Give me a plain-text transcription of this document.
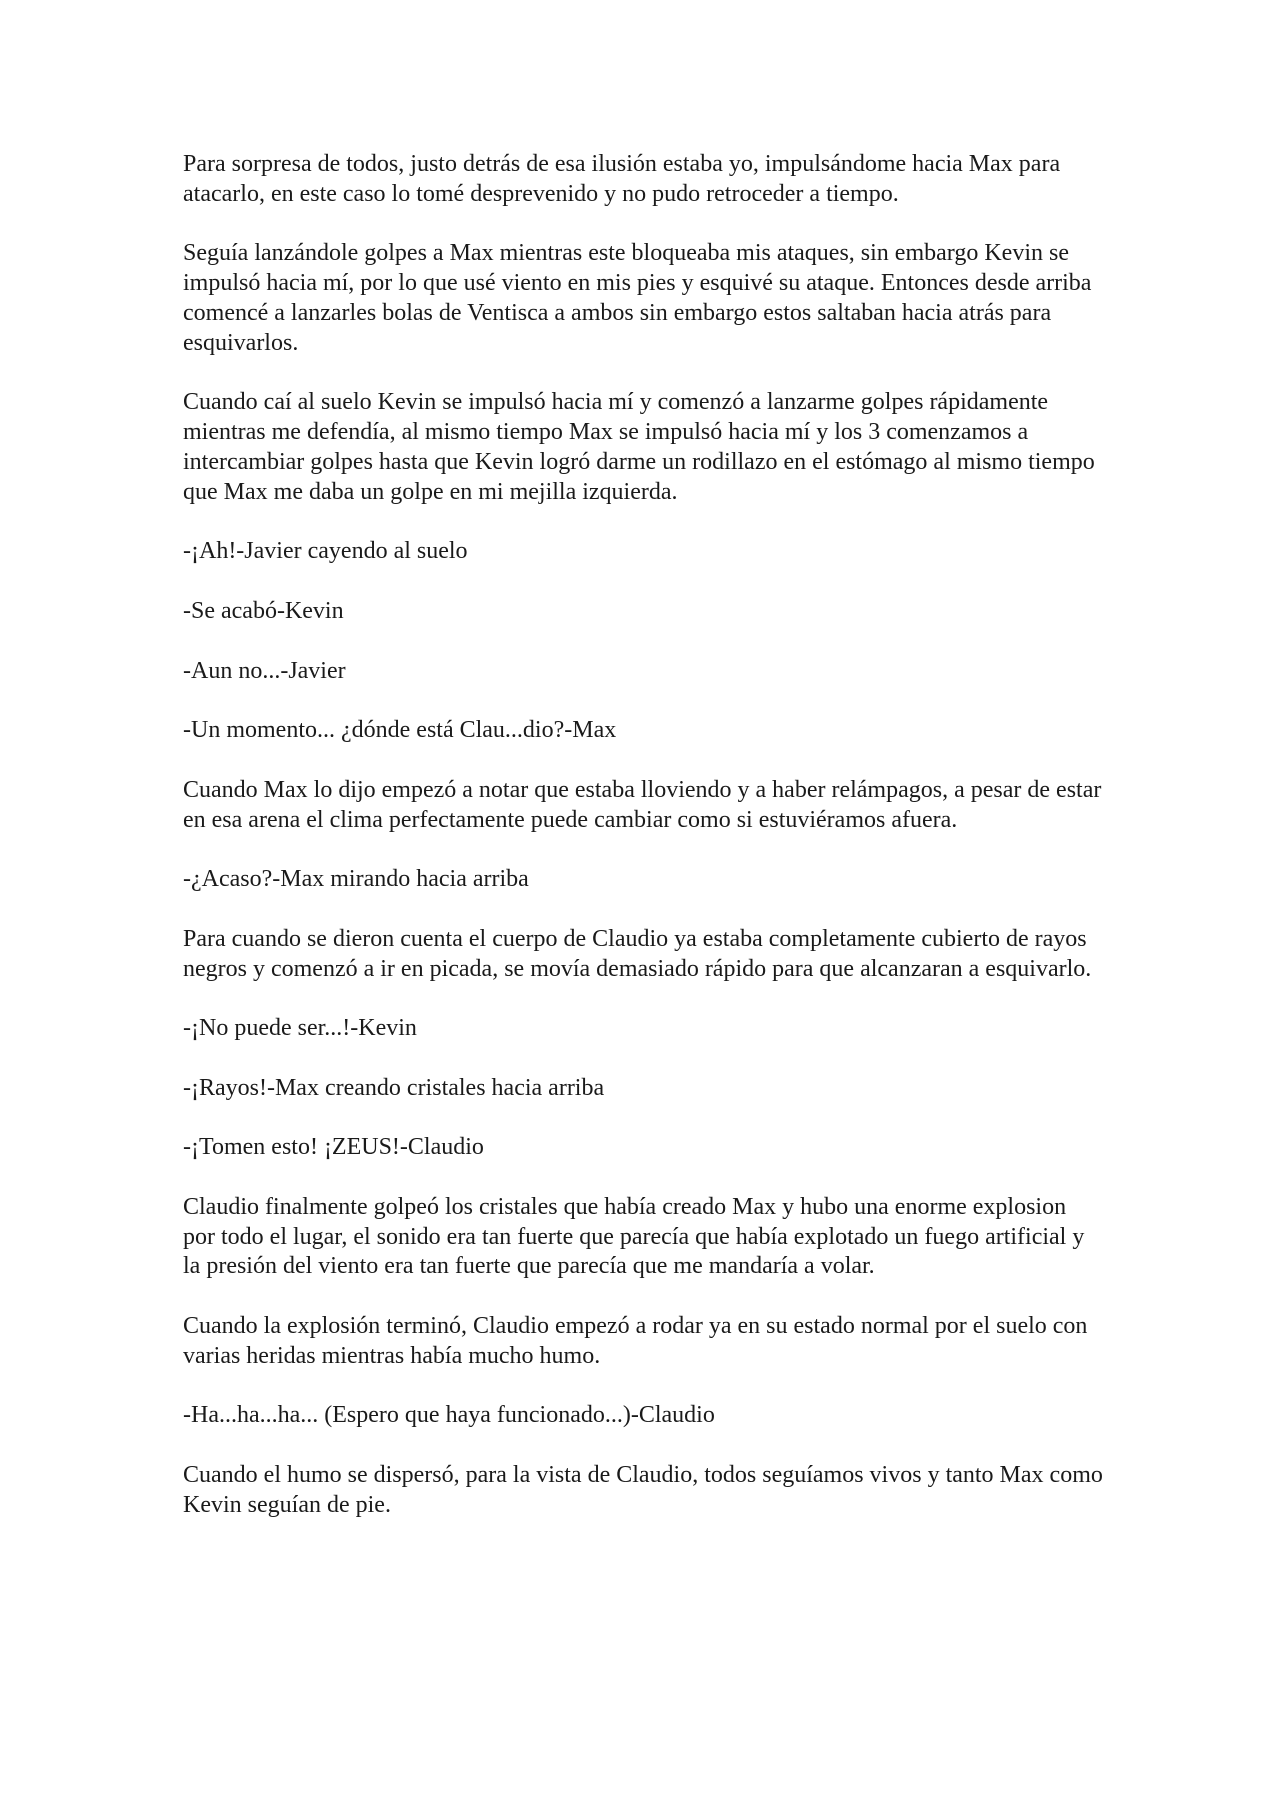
Para sorpresa de todos, justo detrás de esa ilusión estaba yo, impulsándome hacia Max para atacarlo, en este caso lo tomé desprevenido y no pudo retroceder a tiempo.

Seguía lanzándole golpes a Max mientras este bloqueaba mis ataques, sin embargo Kevin se impulsó hacia mí, por lo que usé viento en mis pies y esquivé su ataque. Entonces desde arriba comencé a lanzarles bolas de Ventisca a ambos sin embargo estos saltaban hacia atrás para esquivarlos.

Cuando caí al suelo Kevin se impulsó hacia mí y comenzó a lanzarme golpes rápidamente mientras me defendía, al mismo tiempo Max se impulsó hacia mí y los 3 comenzamos a intercambiar golpes hasta que Kevin logró darme un rodillazo en el estómago al mismo tiempo que Max me daba un golpe en mi mejilla izquierda.

-¡Ah!-Javier cayendo al suelo

-Se acabó-Kevin

-Aun no...-Javier

-Un momento... ¿dónde está Clau...dio?-Max

Cuando Max lo dijo empezó a notar que estaba lloviendo y a haber relámpagos, a pesar de estar en esa arena el clima perfectamente puede cambiar como si estuviéramos afuera.

-¿Acaso?-Max mirando hacia arriba

Para cuando se dieron cuenta el cuerpo de Claudio ya estaba completamente cubierto de rayos negros y comenzó a ir en picada, se movía demasiado rápido para que alcanzaran a esquivarlo.

-¡No puede ser...!-Kevin

-¡Rayos!-Max creando cristales hacia arriba

-¡Tomen esto! ¡ZEUS!-Claudio

Claudio finalmente golpeó los cristales que había creado Max y hubo una enorme explosion por todo el lugar, el sonido era tan fuerte que parecía que había explotado un fuego artificial y la presión del viento era tan fuerte que parecía que me mandaría a volar.

Cuando la explosión terminó, Claudio empezó a rodar ya en su estado normal por el suelo con varias heridas mientras había mucho humo.

-Ha...ha...ha... (Espero que haya funcionado...)-Claudio

Cuando el humo se dispersó, para la vista de Claudio, todos seguíamos vivos y tanto Max como Kevin seguían de pie.
